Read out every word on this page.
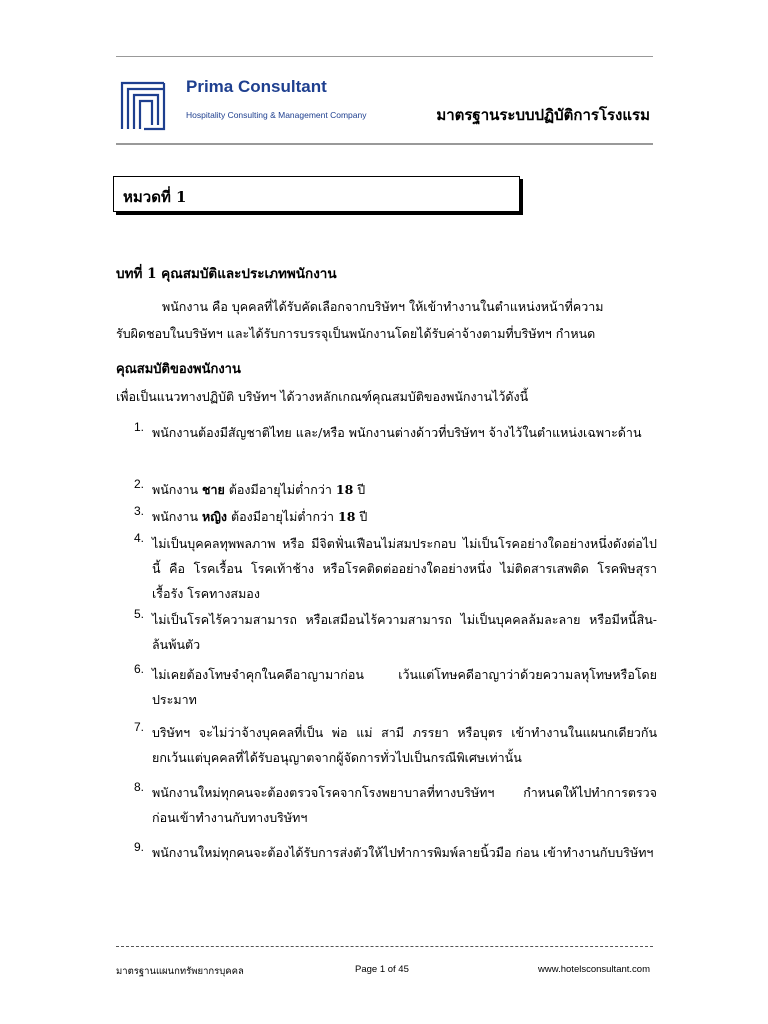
Prima Consultant
Hospitality Consulting & Management Company	มาตรฐานระบบปฏิบัติการโรงแรม
หมวดที่ 1
บทที่ 1 คุณสมบัติและประเภทพนักงาน
พนักงาน คือ บุคคลที่ได้รับคัดเลือกจากบริษัทฯ ให้เข้าทำงานในตำแหน่งหน้าที่ความ
รับผิดชอบในบริษัทฯ และได้รับการบรรจุเป็นพนักงานโดยได้รับค่าจ้างตามที่บริษัทฯ กำหนด
คุณสมบัติของพนักงาน
เพื่อเป็นแนวทางปฏิบัติ บริษัทฯ ได้วางหลักเกณฑ์คุณสมบัติของพนักงานไว้ดังนี้
1. พนักงานต้องมีสัญชาติไทย และ/หรือ พนักงานต่างด้าวที่บริษัทฯ จ้างไว้ในตำแหน่งเฉพาะด้าน
2. พนักงาน ชาย ต้องมีอายุไม่ต่ำกว่า 18 ปี
3. พนักงาน หญิง ต้องมีอายุไม่ต่ำกว่า 18 ปี
4. ไม่เป็นบุคคลทุพพลภาพ หรือ มีจิตฟั่นเฟือนไม่สมประกอบ ไม่เป็นโรคอย่างใดอย่างหนึ่งดังต่อไปนี้ คือ โรคเรื้อน โรคเท้าช้าง หรือโรคติดต่ออย่างใดอย่างหนึ่ง ไม่ติดสารเสพติด โรคพิษสุราเรื้อรัง โรคทางสมอง
5. ไม่เป็นโรคไร้ความสามารถ หรือเสมือนไร้ความสามารถ ไม่เป็นบุคคลล้มละลาย หรือมีหนี้สิน-ล้นพ้นตัว
6. ไม่เคยต้องโทษจำคุกในคดีอาญามาก่อน เว้นแต่โทษคดีอาญาว่าด้วยความลหุโทษหรือโดยประมาท
7. บริษัทฯ จะไม่ว่าจ้างบุคคลที่เป็น พ่อ แม่ สามี ภรรยา หรือบุตร เข้าทำงานในแผนกเดียวกัน ยกเว้นแต่บุคคลที่ได้รับอนุญาตจากผู้จัดการทั่วไปเป็นกรณีพิเศษเท่านั้น
8. พนักงานใหม่ทุกคนจะต้องตรวจโรคจากโรงพยาบาลที่ทางบริษัทฯ กำหนดให้ไปทำการตรวจ ก่อนเข้าทำงานกับทางบริษัทฯ
9. พนักงานใหม่ทุกคนจะต้องได้รับการส่งตัวให้ไปทำการพิมพ์ลายนิ้วมือ ก่อน เข้าทำงานกับบริษัทฯ
มาตรฐานแผนกทรัพยากรบุคคล	Page 1 of 45	www.hotelsconsultant.com
